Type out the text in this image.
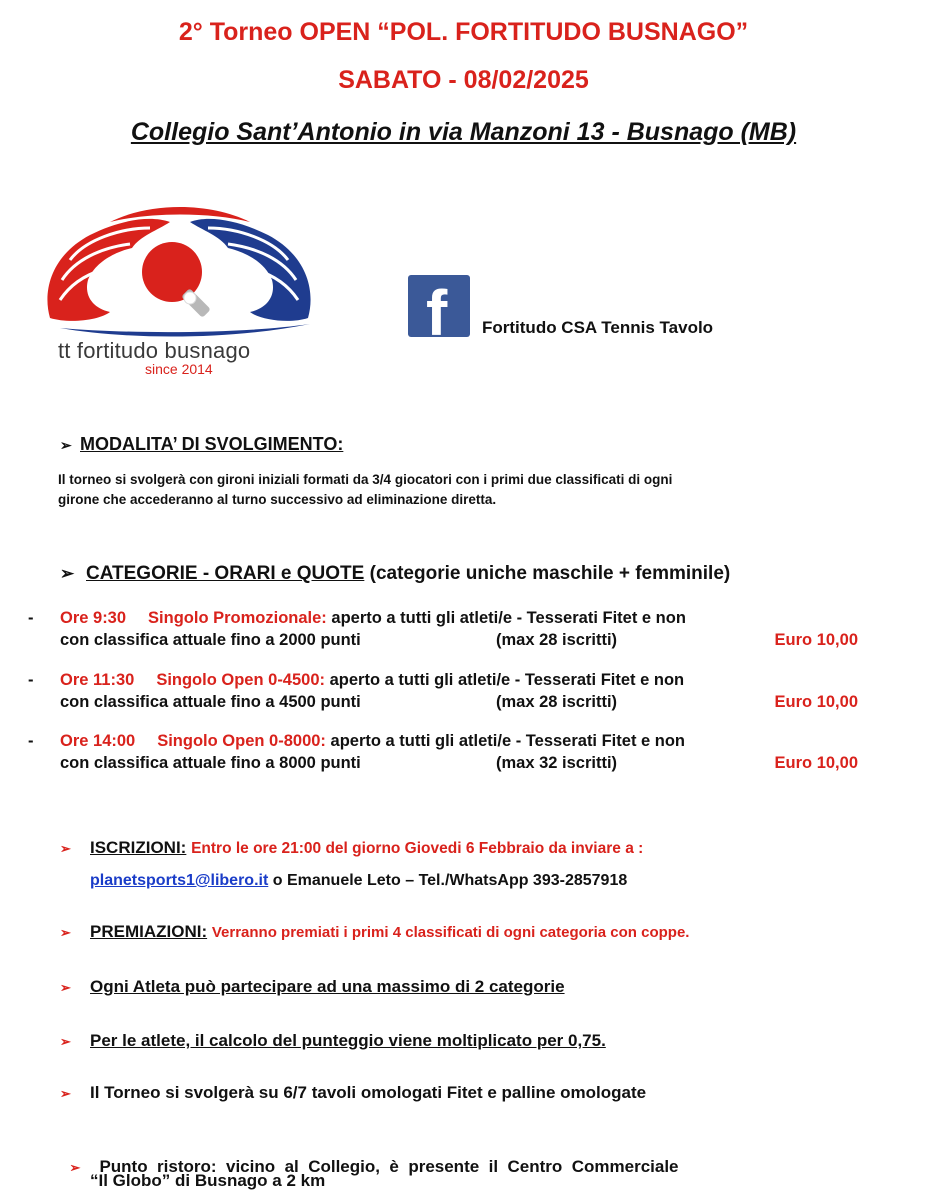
2° Torneo OPEN “POL. FORTITUDO BUSNAGO”
SABATO - 08/02/2025
Collegio Sant’Antonio in via Manzoni 13 - Busnago (MB)
tt fortitudo busnago
since 2014
f Fortitudo CSA Tennis Tavolo
➢ MODALITA’ DI SVOLGIMENTO:
Il torneo si svolgerà con gironi iniziali formati da 3/4 giocatori con i primi due classificati di ogni
girone che accederanno al turno successivo ad eliminazione diretta.
➢ CATEGORIE - ORARI e QUOTE (categorie uniche maschile + femminile)
- Ore 9:30 Singolo Promozionale: aperto a tutti gli atleti/e - Tesserati Fitet e non
con classifica attuale fino a 2000 punti	(max 28 iscritti)	Euro 10,00
- Ore 11:30 Singolo Open 0-4500: aperto a tutti gli atleti/e - Tesserati Fitet e non
con classifica attuale fino a 4500 punti	(max 28 iscritti)	Euro 10,00
- Ore 14:00 Singolo Open 0-8000: aperto a tutti gli atleti/e - Tesserati Fitet e non
con classifica attuale fino a 8000 punti	(max 32 iscritti)	Euro 10,00
➢ ISCRIZIONI: Entro le ore 21:00 del giorno Giovedi 6 Febbraio da inviare a :
planetsports1@libero.it o Emanuele Leto – Tel./WhatsApp 393-2857918
➢ PREMIAZIONI: Verranno premiati i primi 4 classificati di ogni categoria con coppe.
➢ Ogni Atleta può partecipare ad una massimo di 2 categorie
➢ Per le atlete, il calcolo del punteggio viene moltiplicato per 0,75.
➢ Il Torneo si svolgerà su 6/7 tavoli omologati Fitet e palline omologate

➢ Punto  ristoro:  vicino  al  Collegio,  è  presente  il  Centro  Commerciale

“Il Globo” di Busnago a 2 km
